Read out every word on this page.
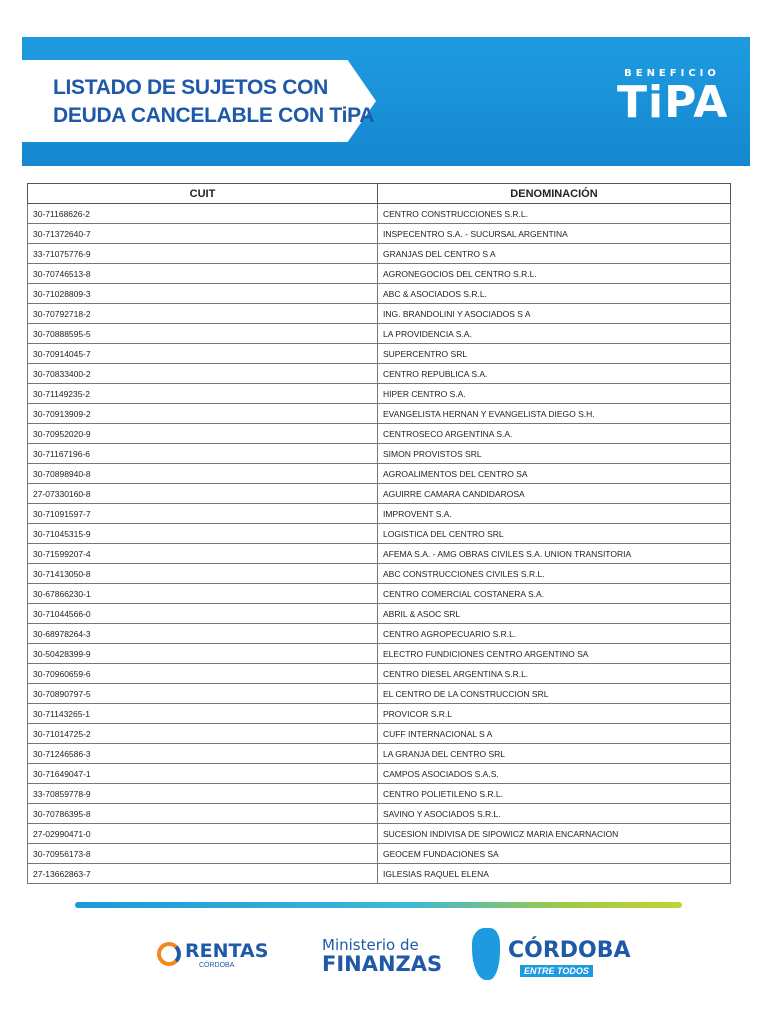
LISTADO DE SUJETOS CON
DEUDA CANCELABLE CON TiPA
BENEFICIO
TiPA
CUIT	DENOMINACIÓN
30-71168626-2	CENTRO CONSTRUCCIONES S.R.L.
30-71372640-7	INSPECENTRO S.A. - SUCURSAL ARGENTINA
33-71075776-9	GRANJAS DEL CENTRO S A
30-70746513-8	AGRONEGOCIOS DEL CENTRO S.R.L.
30-71028809-3	ABC & ASOCIADOS S.R.L.
30-70792718-2	ING. BRANDOLINI Y ASOCIADOS S A
30-70888595-5	LA PROVIDENCIA S.A.
30-70914045-7	SUPERCENTRO SRL
30-70833400-2	CENTRO REPUBLICA S.A.
30-71149235-2	HIPER CENTRO S.A.
30-70913909-2	EVANGELISTA HERNAN Y EVANGELISTA DIEGO S.H.
30-70952020-9	CENTROSECO ARGENTINA S.A.
30-71167196-6	SIMON PROVISTOS SRL
30-70898940-8	AGROALIMENTOS DEL CENTRO SA
27-07330160-8	AGUIRRE CAMARA CANDIDAROSA
30-71091597-7	IMPROVENT S.A.
30-71045315-9	LOGISTICA DEL CENTRO SRL
30-71599207-4	AFEMA S.A. - AMG OBRAS CIVILES S.A. UNION TRANSITORIA
30-71413050-8	ABC CONSTRUCCIONES CIVILES S.R.L.
30-67866230-1	CENTRO COMERCIAL COSTANERA S.A.
30-71044566-0	ABRIL & ASOC SRL
30-68978264-3	CENTRO AGROPECUARIO S.R.L.
30-50428399-9	ELECTRO FUNDICIONES CENTRO ARGENTINO SA
30-70960659-6	CENTRO DIESEL ARGENTINA S.R.L.
30-70890797-5	EL CENTRO DE LA CONSTRUCCION SRL
30-71143265-1	PROVICOR S.R.L
30-71014725-2	CUFF INTERNACIONAL S A
30-71246586-3	LA GRANJA DEL CENTRO SRL
30-71649047-1	CAMPOS ASOCIADOS S.A.S.
33-70859778-9	CENTRO POLIETILENO S.R.L.
30-70786395-8	SAVINO Y ASOCIADOS S.R.L.
27-02990471-0	SUCESION INDIVISA DE SIPOWICZ MARIA ENCARNACION
30-70956173-8	GEOCEM FUNDACIONES SA
27-13662863-7	IGLESIAS RAQUEL ELENA
RENTAS
CÓRDOBA
Ministerio de
FINANZAS
CÓRDOBA
ENTRE TODOS
